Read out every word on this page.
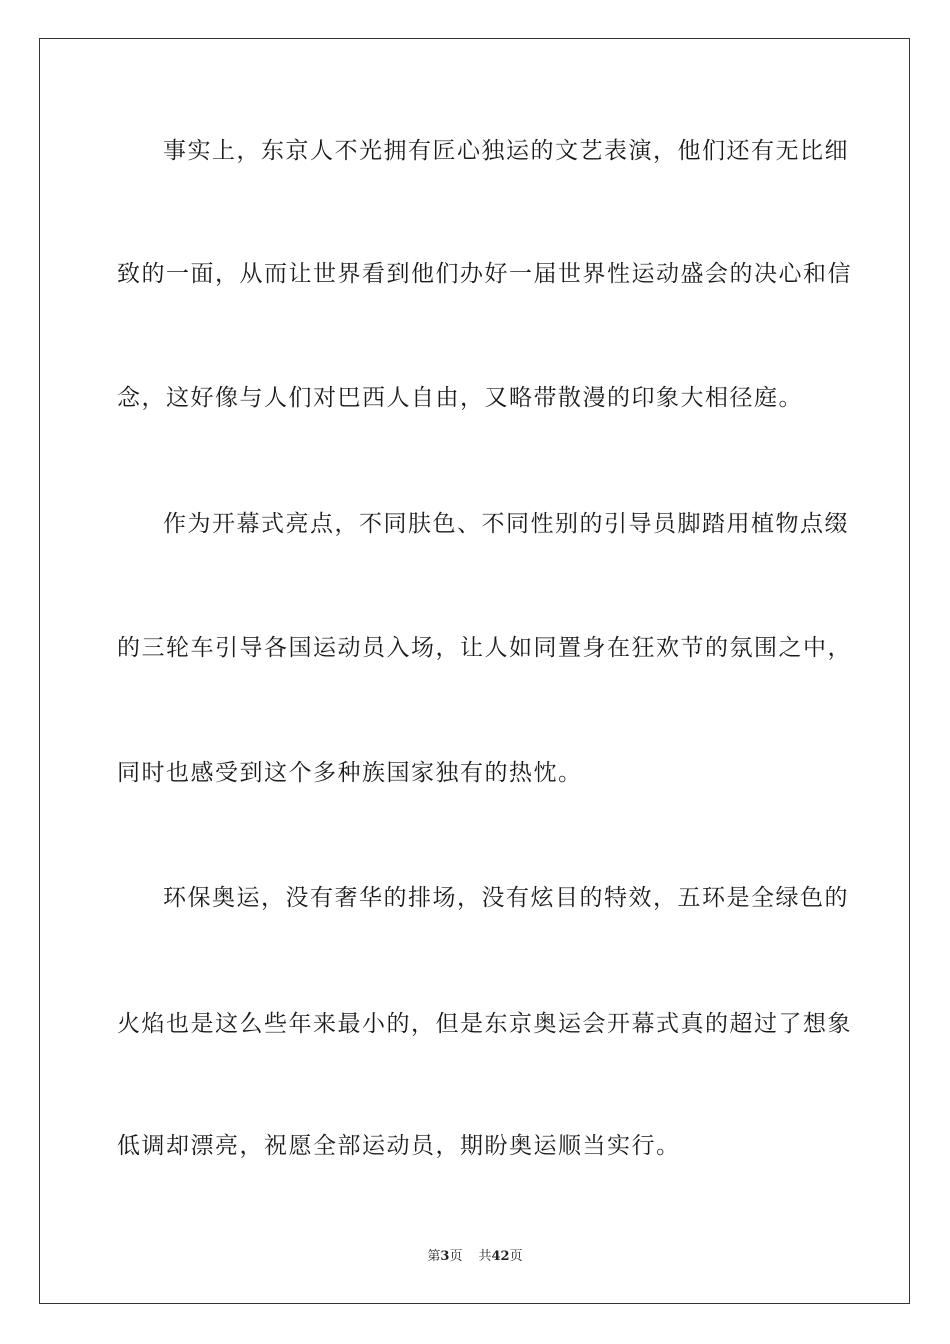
事实上，东京人不光拥有匠心独运的文艺表演，他们还有无比细
致的一面，从而让世界看到他们办好一届世界性运动盛会的决心和信
念，这好像与人们对巴西人自由，又略带散漫的印象大相径庭。
作为开幕式亮点，不同肤色、不同性别的引导员脚踏用植物点缀
的三轮车引导各国运动员入场，让人如同置身在狂欢节的氛围之中，
同时也感受到这个多种族国家独有的热忱。
环保奥运，没有奢华的排场，没有炫目的特效，五环是全绿色的
火焰也是这么些年来最小的，但是东京奥运会开幕式真的超过了想象
低调却漂亮，祝愿全部运动员，期盼奥运顺当实行。
第3页 共42页
